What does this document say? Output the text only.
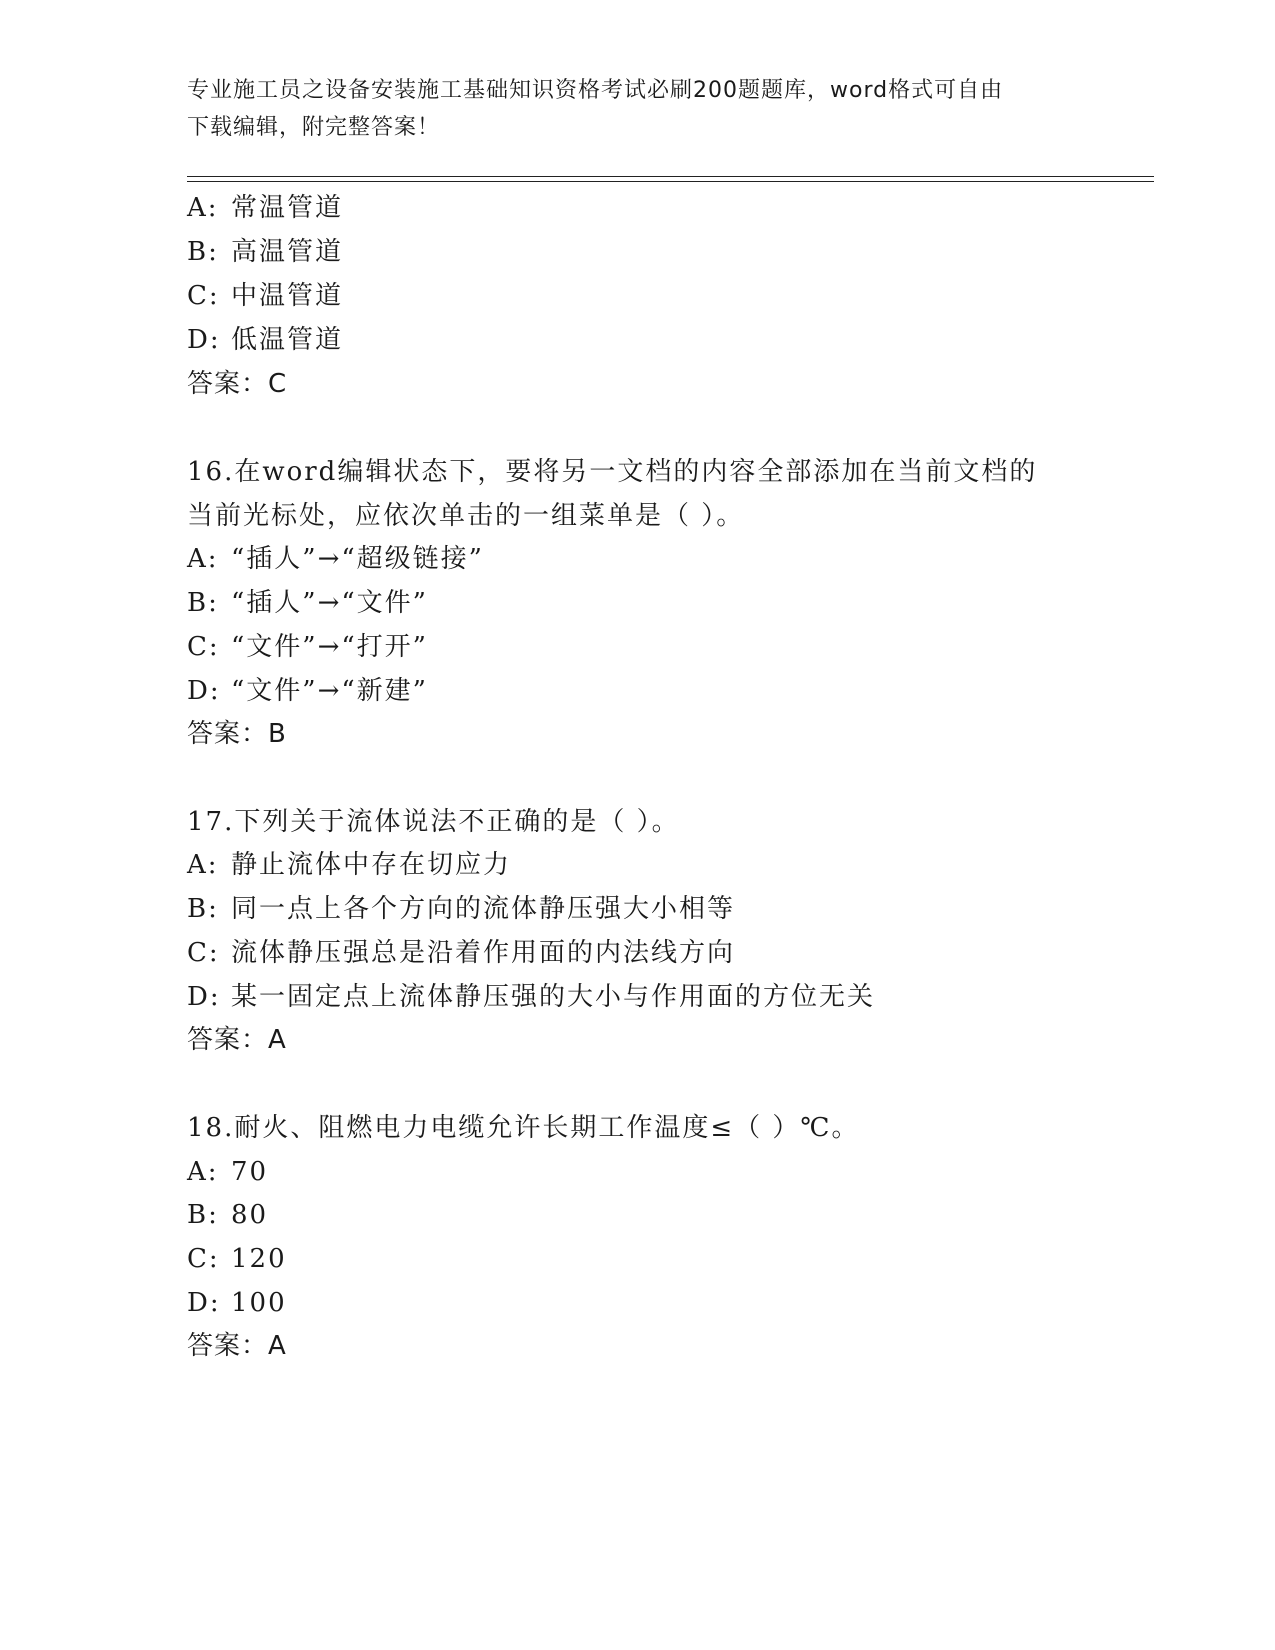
专业施工员之设备安装施工基础知识资格考试必刷200题题库，word格式可自由
下载编辑，附完整答案！
A: 常温管道
B: 高温管道
C: 中温管道
D: 低温管道
答案：C
16.在word编辑状态下，要将另一文档的内容全部添加在当前文档的
当前光标处，应依次单击的一组菜单是（ ）。
A: “插人”→“超级链接”
B: “插人”→“文件”
C: “文件”→“打开”
D: “文件”→“新建”
答案：B
17.下列关于流体说法不正确的是（ ）。
A: 静止流体中存在切应力
B: 同一点上各个方向的流体静压强大小相等
C: 流体静压强总是沿着作用面的内法线方向
D: 某一固定点上流体静压强的大小与作用面的方位无关
答案：A
18.耐火、阻燃电力电缆允许长期工作温度≤（ ）℃。
A: 70
B: 80
C: 120
D: 100
答案：A
